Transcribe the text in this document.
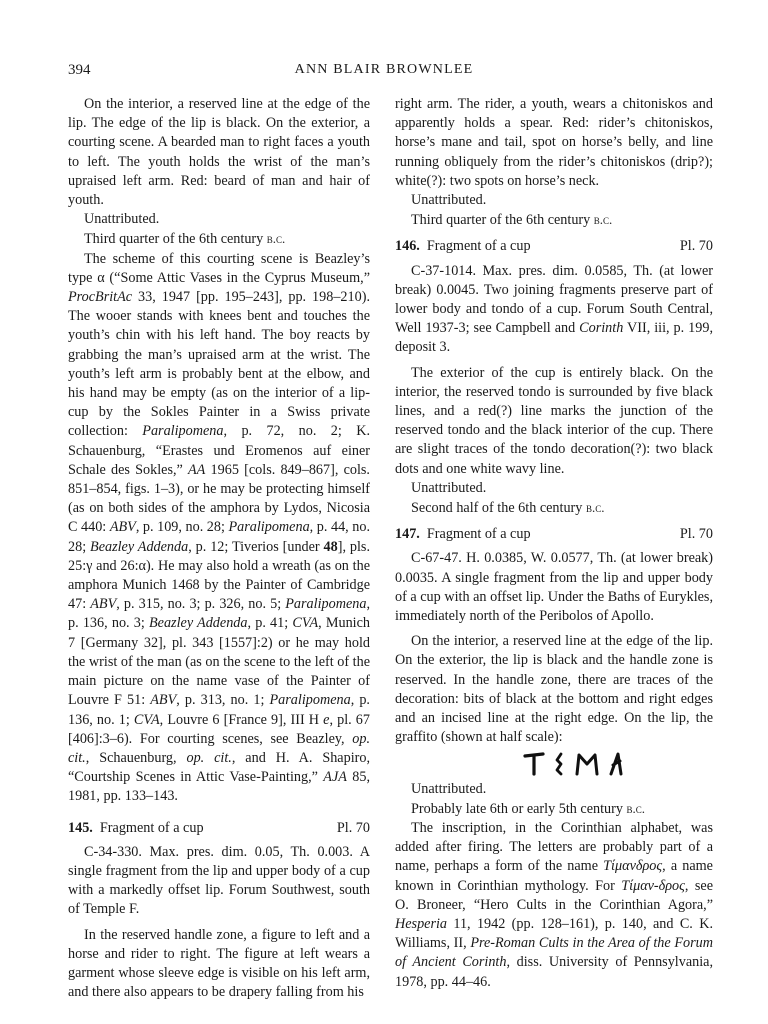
394	ANN BLAIR BROWNLEE

On the interior, a reserved line at the edge of the lip. The edge of the lip is black. On the exterior, a courting scene. A bearded man to right faces a youth to left. The youth holds the wrist of the man’s upraised left arm. Red: beard of man and hair of youth.

Unattributed.

Third quarter of the 6th century b.c.

The scheme of this courting scene is Beazley’s type α (“Some Attic Vases in the Cyprus Museum,” ProcBritAc 33, 1947 [pp. 195–243], pp. 198–210). The wooer stands with knees bent and touches the youth’s chin with his left hand. The boy reacts by grabbing the man’s upraised arm at the wrist. The youth’s left arm is probably bent at the elbow, and his hand may be empty (as on the interior of a lip-cup by the Sokles Painter in a Swiss private collection: Paralipomena, p. 72, no. 2; K. Schauenburg, “Erastes und Eromenos auf einer Schale des Sokles,” AA 1965 [cols. 849–867], cols. 851–854, figs. 1–3), or he may be protecting himself (as on both sides of the amphora by Lydos, Nicosia C 440: ABV, p. 109, no. 28; Paralipomena, p. 44, no. 28; Beazley Addenda, p. 12; Tiverios [under 48], pls. 25:γ and 26:α). He may also hold a wreath (as on the amphora Munich 1468 by the Painter of Cambridge 47: ABV, p. 315, no. 3; p. 326, no. 5; Paralipomena, p. 136, no. 3; Beazley Addenda, p. 41; CVA, Munich 7 [Germany 32], pl. 343 [1557]:2) or he may hold the wrist of the man (as on the scene to the left of the main picture on the name vase of the Painter of Louvre F 51: ABV, p. 313, no. 1; Paralipomena, p. 136, no. 1; CVA, Louvre 6 [France 9], III H e, pl. 67 [406]:3–6). For courting scenes, see Beazley, op. cit., Schauenburg, op. cit., and H. A. Shapiro, “Courtship Scenes in Attic Vase-Painting,” AJA 85, 1981, pp. 133–143.

145. Fragment of a cup	Pl. 70

C-34-330. Max. pres. dim. 0.05, Th. 0.003. A single fragment from the lip and upper body of a cup with a markedly offset lip. Forum Southwest, south of Temple F.

In the reserved handle zone, a figure to left and a horse and rider to right. The figure at left wears a garment whose sleeve edge is visible on his left arm, and there also appears to be drapery falling from his

right arm. The rider, a youth, wears a chitoniskos and apparently holds a spear. Red: rider’s chitoniskos, horse’s mane and tail, spot on horse’s belly, and line running obliquely from the rider’s chitoniskos (drip?); white(?): two spots on horse’s neck.

Unattributed.

Third quarter of the 6th century b.c.

146. Fragment of a cup	Pl. 70

C-37-1014. Max. pres. dim. 0.0585, Th. (at lower break) 0.0045. Two joining fragments preserve part of lower body and tondo of a cup. Forum South Central, Well 1937-3; see Campbell and Corinth VII, iii, p. 199, deposit 3.

The exterior of the cup is entirely black. On the interior, the reserved tondo is surrounded by five black lines, and a red(?) line marks the junction of the reserved tondo and the black interior of the cup. There are slight traces of the tondo decoration(?): two black dots and one white wavy line.

Unattributed.

Second half of the 6th century b.c.

147. Fragment of a cup	Pl. 70

C-67-47. H. 0.0385, W. 0.0577, Th. (at lower break) 0.0035. A single fragment from the lip and upper body of a cup with an offset lip. Under the Baths of Eurykles, immediately north of the Peribolos of Apollo.

On the interior, a reserved line at the edge of the lip. On the exterior, the lip is black and the handle zone is reserved. In the handle zone, there are traces of the decoration: bits of black at the bottom and right edges and an incised line at the right edge. On the lip, the graffito (shown at half scale):

Unattributed.

Probably late 6th or early 5th century b.c.

The inscription, in the Corinthian alphabet, was added after firing. The letters are probably part of a name, perhaps a form of the name Τίμανδρος, a name known in Corinthian mythology. For Τίμαν-δρος, see O. Broneer, “Hero Cults in the Corinthian Agora,” Hesperia 11, 1942 (pp. 128–161), p. 140, and C. K. Williams, II, Pre-Roman Cults in the Area of the Forum of Ancient Corinth, diss. University of Pennsylvania, 1978, pp. 44–46.
